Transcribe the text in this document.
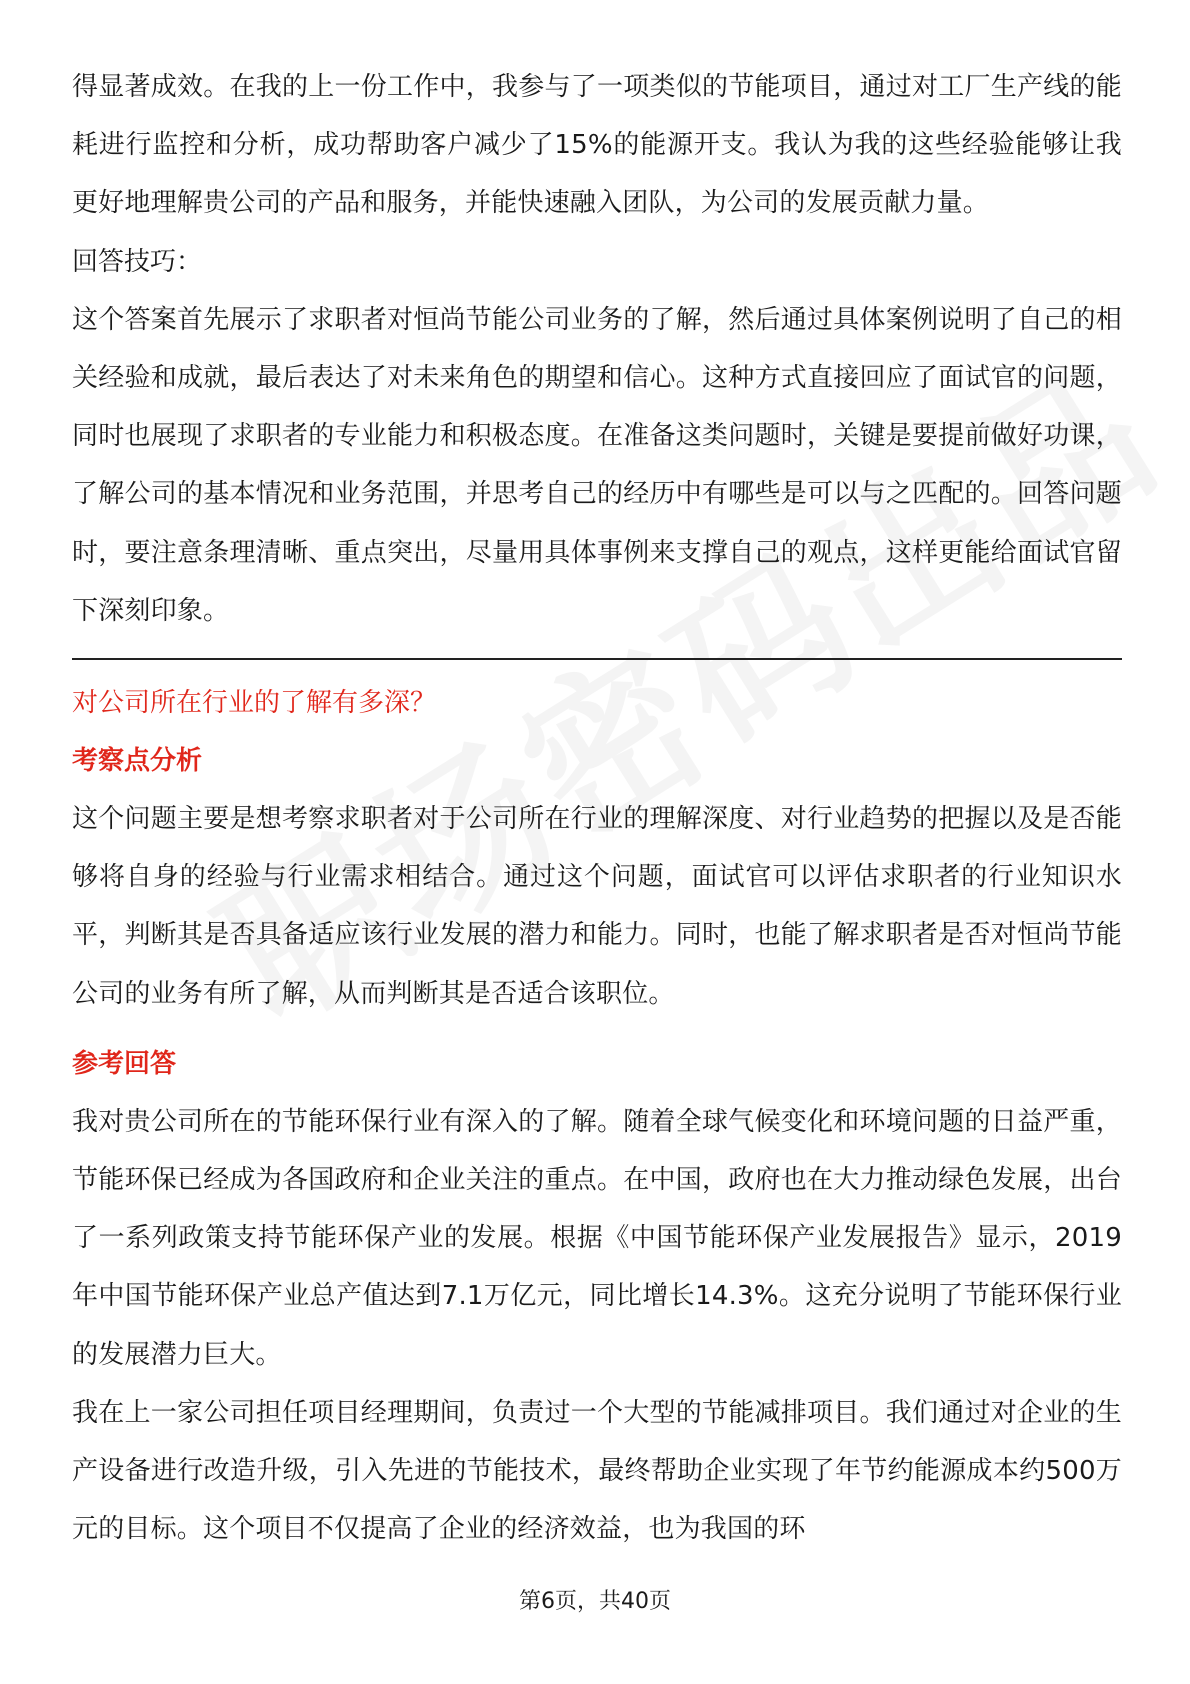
得显著成效。在我的上一份工作中，我参与了一项类似的节能项目，通过对工厂生产线的能耗进行监控和分析，成功帮助客户减少了15%的能源开支。我认为我的这些经验能够让我更好地理解贵公司的产品和服务，并能快速融入团队，为公司的发展贡献力量。

回答技巧：

这个答案首先展示了求职者对恒尚节能公司业务的了解，然后通过具体案例说明了自己的相关经验和成就，最后表达了对未来角色的期望和信心。这种方式直接回应了面试官的问题，同时也展现了求职者的专业能力和积极态度。在准备这类问题时，关键是要提前做好功课，了解公司的基本情况和业务范围，并思考自己的经历中有哪些是可以与之匹配的。回答问题时，要注意条理清晰、重点突出，尽量用具体事例来支撑自己的观点，这样更能给面试官留下深刻印象。

对公司所在行业的了解有多深？

考察点分析

这个问题主要是想考察求职者对于公司所在行业的理解深度、对行业趋势的把握以及是否能够将自身的经验与行业需求相结合。通过这个问题，面试官可以评估求职者的行业知识水平，判断其是否具备适应该行业发展的潜力和能力。同时，也能了解求职者是否对恒尚节能公司的业务有所了解，从而判断其是否适合该职位。

参考回答

我对贵公司所在的节能环保行业有深入的了解。随着全球气候变化和环境问题的日益严重，节能环保已经成为各国政府和企业关注的重点。在中国，政府也在大力推动绿色发展，出台了一系列政策支持节能环保产业的发展。根据《中国节能环保产业发展报告》显示，2019年中国节能环保产业总产值达到7.1万亿元，同比增长14.3%。这充分说明了节能环保行业的发展潜力巨大。

我在上一家公司担任项目经理期间，负责过一个大型的节能减排项目。我们通过对企业的生产设备进行改造升级，引入先进的节能技术，最终帮助企业实现了年节约能源成本约500万元的目标。这个项目不仅提高了企业的经济效益，也为我国的环

第6页，共40页
